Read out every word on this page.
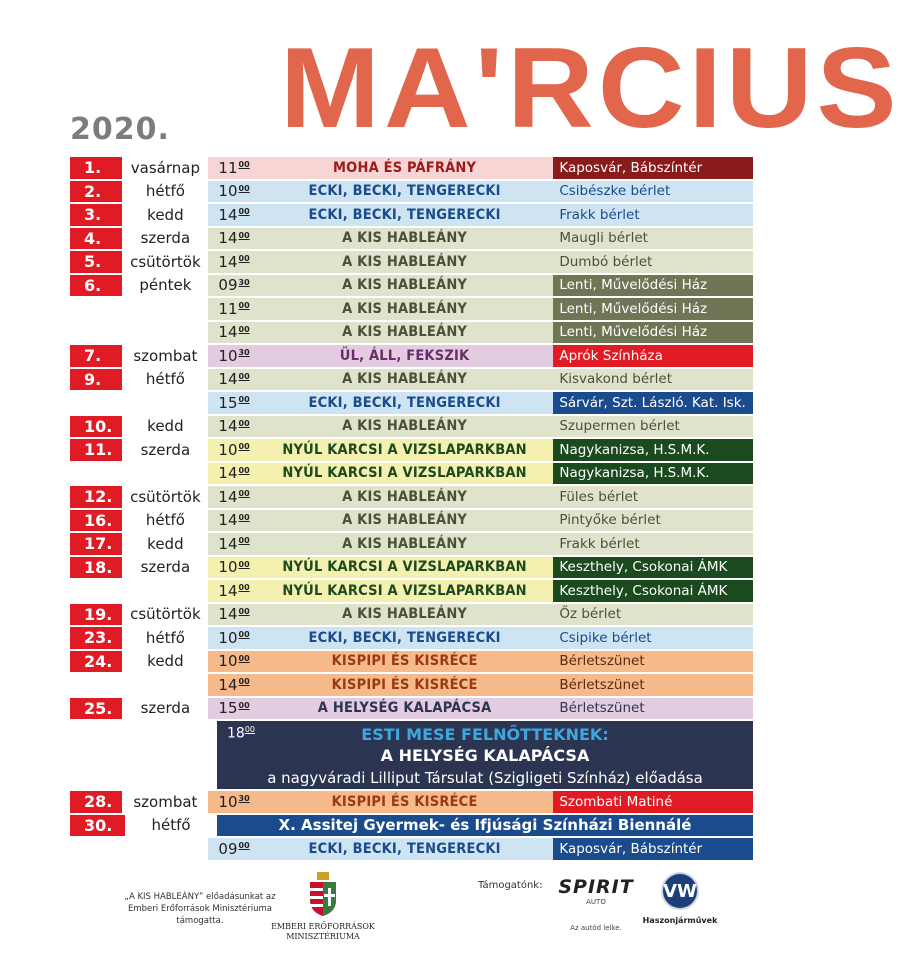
MA'RCIUS
2020.
1.	vasárnap	$11^{00}$	MOHA ÉS PÁFRÁNY	Kaposvár, Bábszíntér
2.	hétfő	$10^{00}$	ECKI, BECKI, TENGERECKI	Csibészke bérlet
3.	kedd	$14^{00}$	ECKI, BECKI, TENGERECKI	Frakk bérlet
4.	szerda	$14^{00}$	A KIS HABLEÁNY	Maugli bérlet
5.	csütörtök	$14^{00}$	A KIS HABLEÁNY	Dumbó bérlet
6.	péntek	$09^{30}$	A KIS HABLEÁNY	Lenti, Művelődési Ház
$11^{00}$	A KIS HABLEÁNY	Lenti, Művelődési Ház
$14^{00}$	A KIS HABLEÁNY	Lenti, Művelődési Ház
7.	szombat	$10^{30}$	ÜL, ÁLL, FEKSZIK	Aprók Színháza
9.	hétfő	$14^{00}$	A KIS HABLEÁNY	Kisvakond bérlet
$15^{00}$	ECKI, BECKI, TENGERECKI	Sárvár, Szt. László. Kat. Isk.
10.	kedd	$14^{00}$	A KIS HABLEÁNY	Szupermen bérlet
11.	szerda	$10^{00}$	NYÚL KARCSI A VIZSLAPARKBAN	Nagykanizsa, H.S.M.K.
$14^{00}$	NYÚL KARCSI A VIZSLAPARKBAN	Nagykanizsa, H.S.M.K.
12.	csütörtök	$14^{00}$	A KIS HABLEÁNY	Füles bérlet
16.	hétfő	$14^{00}$	A KIS HABLEÁNY	Pintyőke bérlet
17.	kedd	$14^{00}$	A KIS HABLEÁNY	Frakk bérlet
18.	szerda	$10^{00}$	NYÚL KARCSI A VIZSLAPARKBAN	Keszthely, Csokonai ÁMK
$14^{00}$	NYÚL KARCSI A VIZSLAPARKBAN	Keszthely, Csokonai ÁMK
19.	csütörtök	$14^{00}$	A KIS HABLEÁNY	Őz bérlet
23.	hétfő	$10^{00}$	ECKI, BECKI, TENGERECKI	Csipike bérlet
24.	kedd	$10^{00}$	KISPIPI ÉS KISRÉCE	Bérletszünet
$14^{00}$	KISPIPI ÉS KISRÉCE	Bérletszünet
25.	szerda	$15^{00}$	A HELYSÉG KALAPÁCSA	Bérletszünet
$18^{00}$	ESTI MESE FELNŐTTEKNEK:
A HELYSÉG KALAPÁCSA
a nagyváradi Lilliput Társulat (Szigligeti Színház) előadása
28.	szombat	$10^{30}$	KISPIPI ÉS KISRÉCE	Szombati Matiné
30.	hétfő	X. Assitej Gyermek- és Ifjúsági Színházi Biennálé
$09^{00}$	ECKI, BECKI, TENGERECKI	Kaposvár, Bábszíntér
„A KIS HABLEÁNY” előadásunkat az
Emberi Erőforrások Minisztériuma
támogatta.
EMBERI ERŐFORRÁSOK
MINISZTÉRIUMA
Támogatónk: SPIRIT
AUTO
Az autód lelke.
VW
Haszonjárművek
